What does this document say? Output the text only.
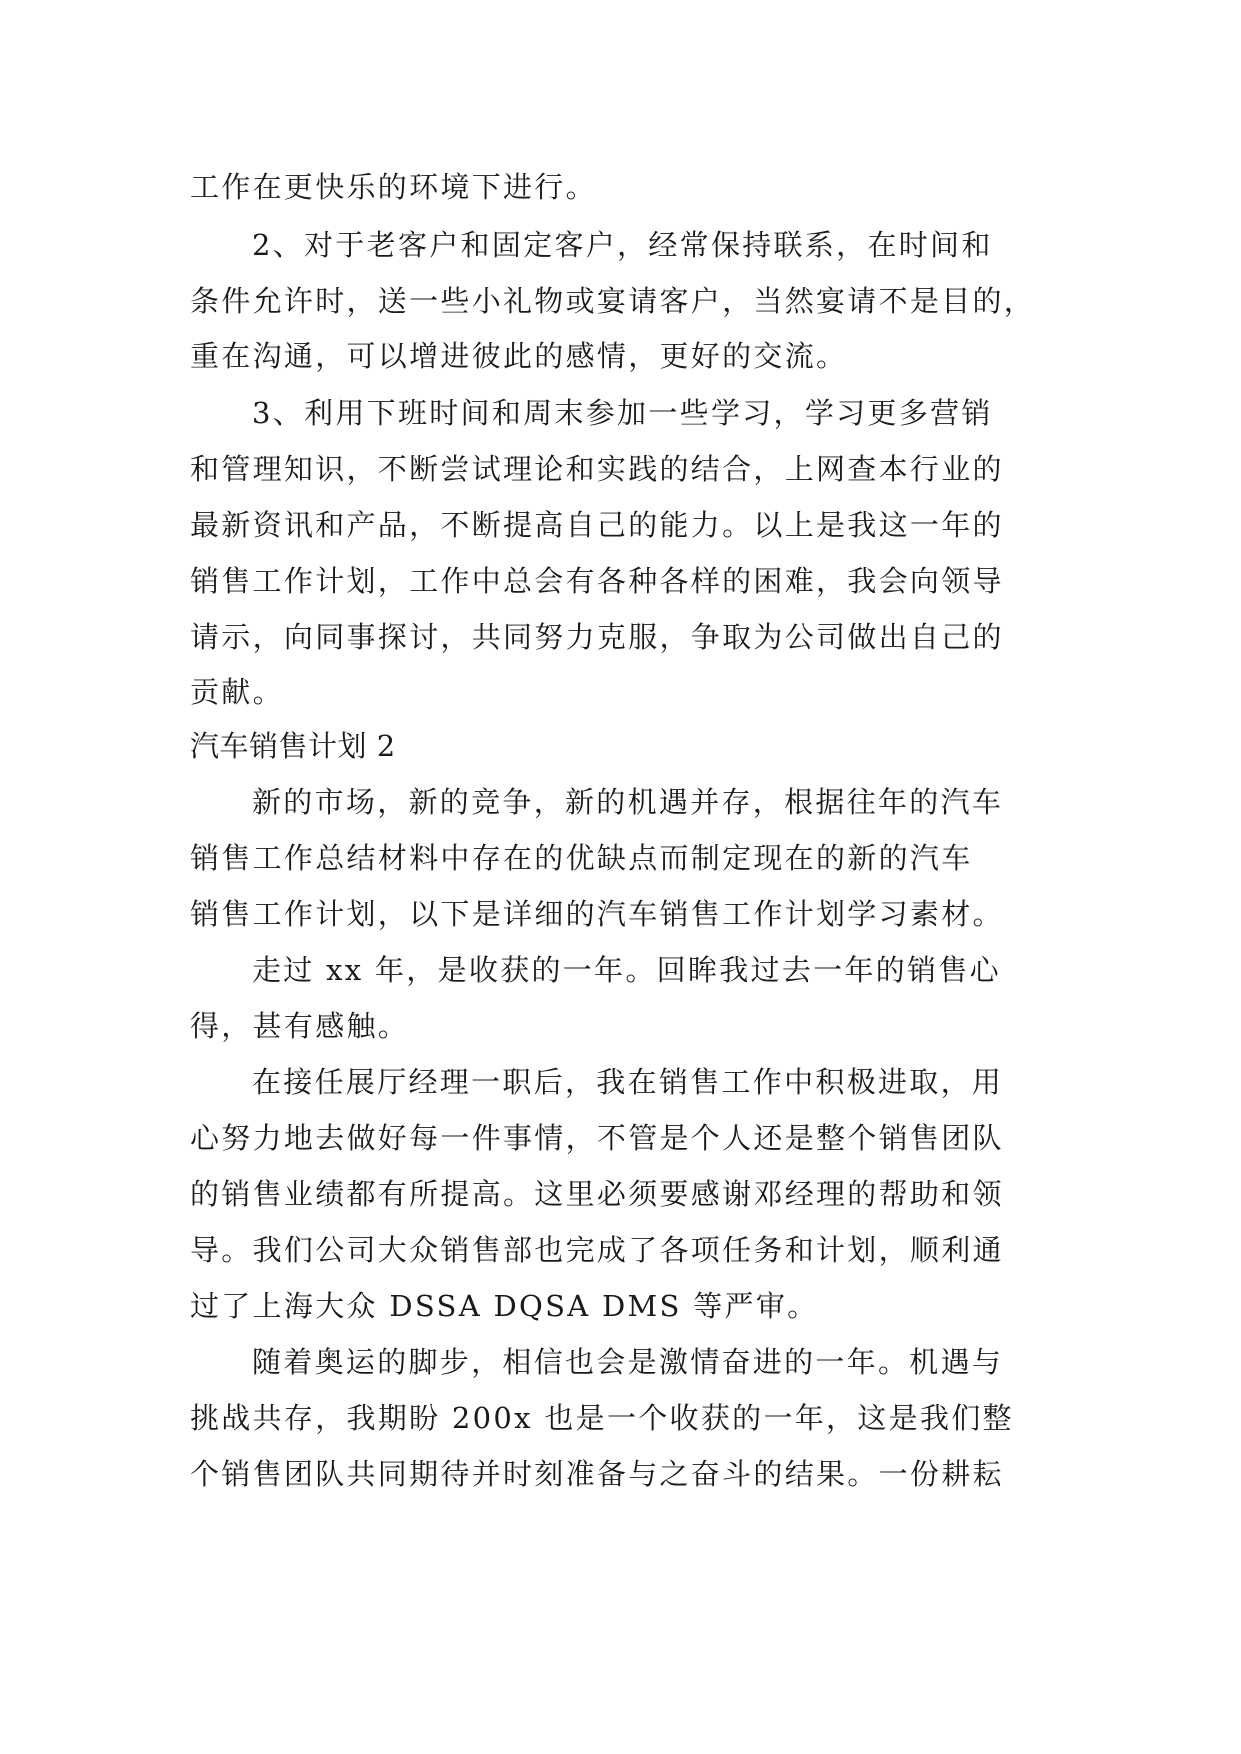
工作在更快乐的环境下进行。
2、对于老客户和固定客户，经常保持联系，在时间和
条件允许时，送一些小礼物或宴请客户，当然宴请不是目的，
重在沟通，可以增进彼此的感情，更好的交流。
3、利用下班时间和周末参加一些学习，学习更多营销
和管理知识，不断尝试理论和实践的结合，上网查本行业的
最新资讯和产品，不断提高自己的能力。以上是我这一年的
销售工作计划，工作中总会有各种各样的困难，我会向领导
请示，向同事探讨，共同努力克服，争取为公司做出自己的
贡献。
汽车销售计划 2
新的市场，新的竞争，新的机遇并存，根据往年的汽车
销售工作总结材料中存在的优缺点而制定现在的新的汽车
销售工作计划，以下是详细的汽车销售工作计划学习素材。
走过 xx 年，是收获的一年。回眸我过去一年的销售心
得，甚有感触。
在接任展厅经理一职后，我在销售工作中积极进取，用
心努力地去做好每一件事情，不管是个人还是整个销售团队
的销售业绩都有所提高。这里必须要感谢邓经理的帮助和领
导。我们公司大众销售部也完成了各项任务和计划，顺利通
过了上海大众 DSSA DQSA DMS 等严审。
随着奥运的脚步，相信也会是激情奋进的一年。机遇与
挑战共存，我期盼 200x 也是一个收获的一年，这是我们整
个销售团队共同期待并时刻准备与之奋斗的结果。一份耕耘
